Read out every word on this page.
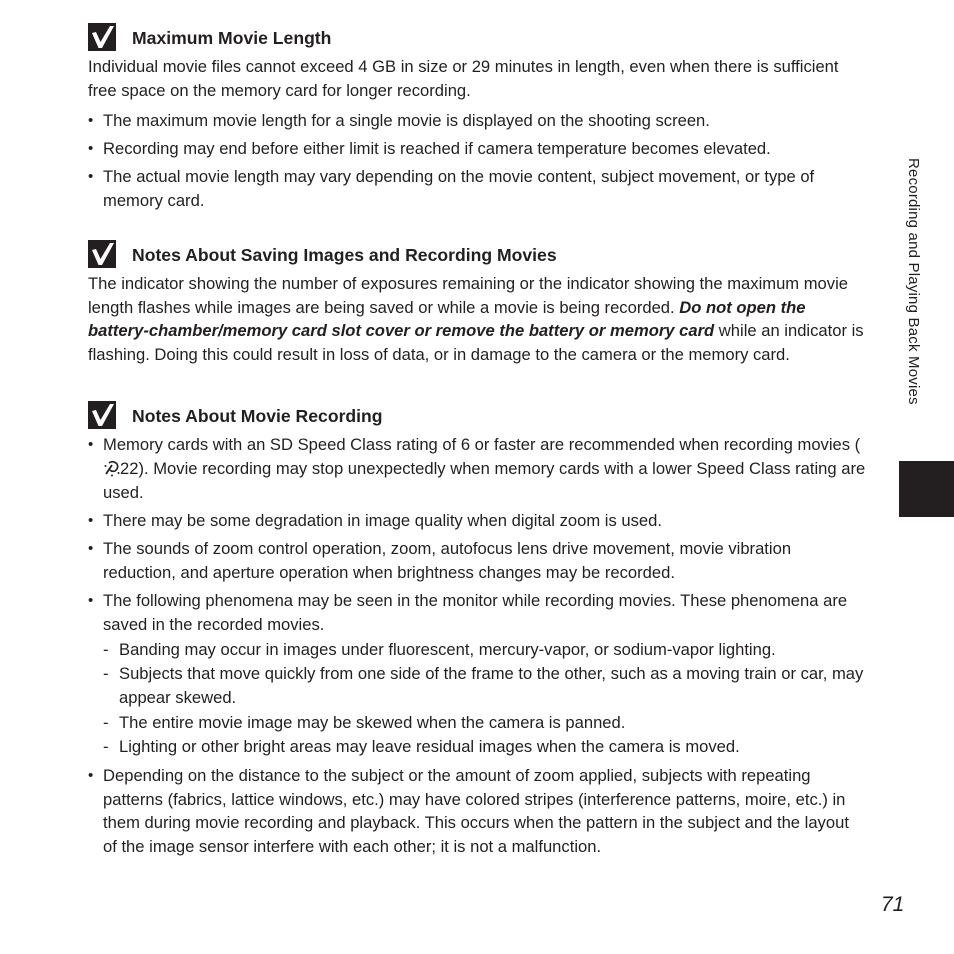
Maximum Movie Length

Individual movie files cannot exceed 4 GB in size or 29 minutes in length, even when there is sufficient free space on the memory card for longer recording.

• The maximum movie length for a single movie is displayed on the shooting screen.
• Recording may end before either limit is reached if camera temperature becomes elevated.
• The actual movie length may vary depending on the movie content, subject movement, or type of memory card.
Notes About Saving Images and Recording Movies

The indicator showing the number of exposures remaining or the indicator showing the maximum movie length flashes while images are being saved or while a movie is being recorded. Do not open the battery-chamber/memory card slot cover or remove the battery or memory card while an indicator is flashing. Doing this could result in loss of data, or in damage to the camera or the memory card.

Notes About Movie Recording
• Memory cards with an SD Speed Class rating of 6 or faster are recommended when recording movies (22). Movie recording may stop unexpectedly when memory cards with a lower Speed Class rating are used.
• There may be some degradation in image quality when digital zoom is used.
• The sounds of zoom control operation, zoom, autofocus lens drive movement, movie vibration reduction, and aperture operation when brightness changes may be recorded.
• The following phenomena may be seen in the monitor while recording movies. These phenomena are saved in the recorded movies.
- Banding may occur in images under fluorescent, mercury-vapor, or sodium-vapor lighting.
- Subjects that move quickly from one side of the frame to the other, such as a moving train or car, may appear skewed.
- The entire movie image may be skewed when the camera is panned.
- Lighting or other bright areas may leave residual images when the camera is moved.
• Depending on the distance to the subject or the amount of zoom applied, subjects with repeating patterns (fabrics, lattice windows, etc.) may have colored stripes (interference patterns, moire, etc.) in them during movie recording and playback. This occurs when the pattern in the subject and the layout of the image sensor interfere with each other; it is not a malfunction.
Recording and Playing Back Movies
71
